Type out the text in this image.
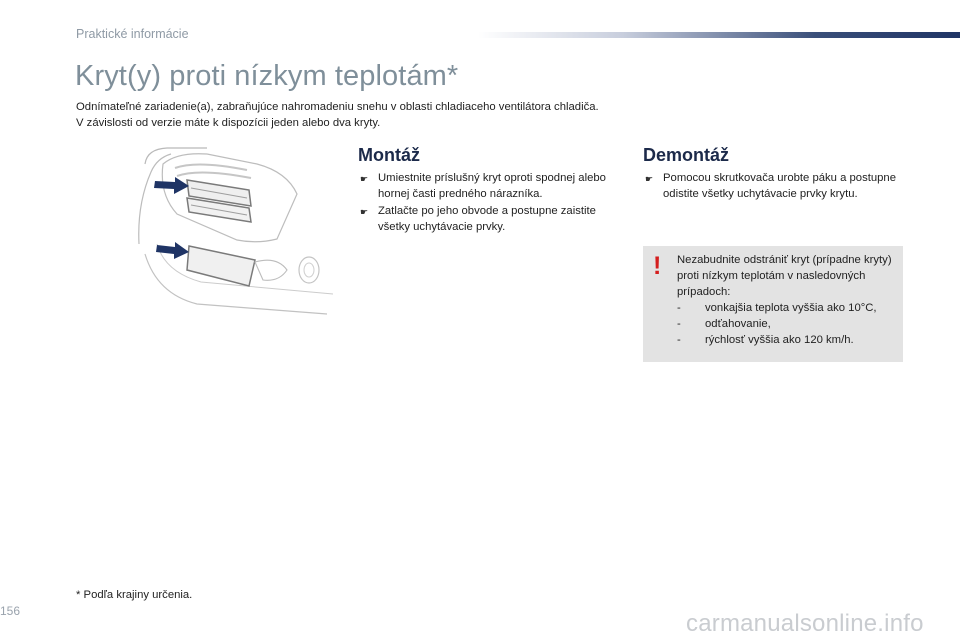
Praktické informácie
Kryt(y) proti nízkym teplotám*

Odnímateľné zariadenie(a), zabraňujúce nahromadeniu snehu v oblasti chladiaceho ventilátora chladiča.

V závislosti od verzie máte k dispozícii jeden alebo dva kryty.

Montáž
☛ Umiestnite príslušný kryt oproti spodnej alebo hornej časti predného nárazníka.
☛ Zatlačte po jeho obvode a postupne zaistite všetky uchytávacie prvky.
Demontáž
☛ Pomocou skrutkovača urobte páku a postupne odistite všetky uchytávacie prvky krytu.
! Nezabudnite odstrániť kryt (prípadne kryty) proti nízkym teplotám v nasledovných prípadoch:

- vonkajšia teplota vyššia ako 10°C,
- odťahovanie,
- rýchlosť vyššia ako 120 km/h.
* Podľa krajiny určenia.
156	carmanualsonline.info
